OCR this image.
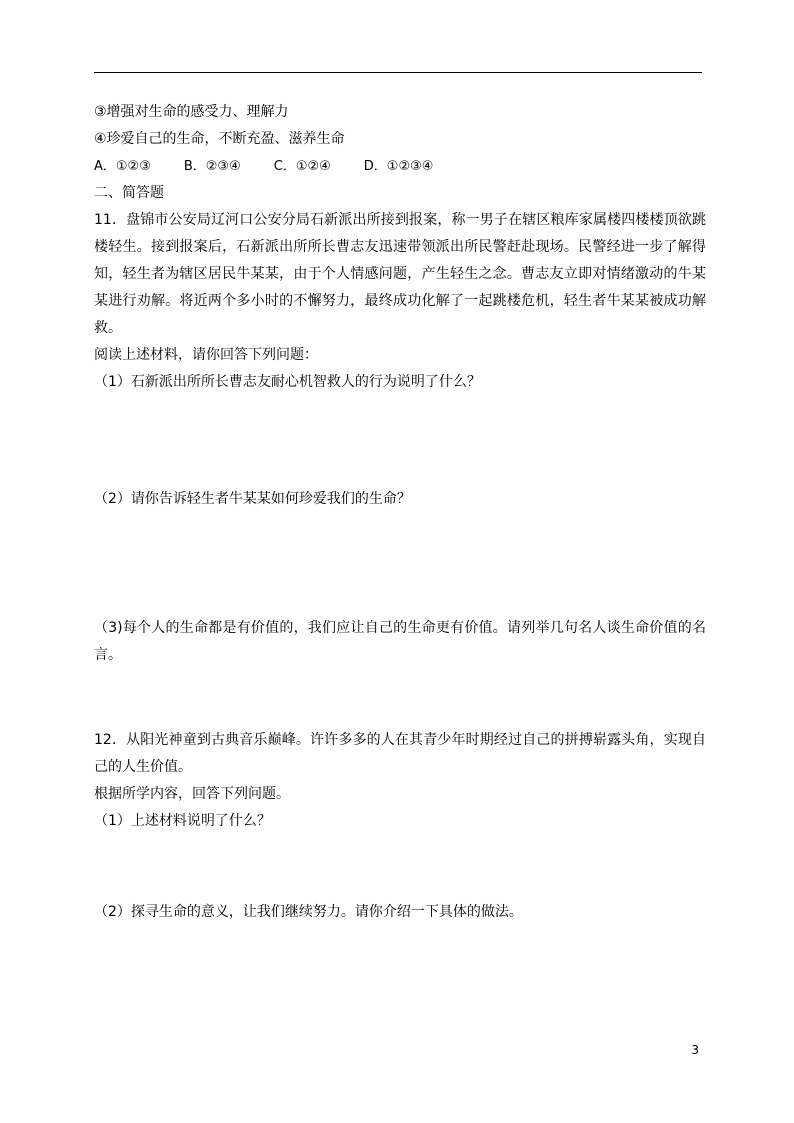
③增强对生命的感受力、理解力

④珍爱自己的生命，不断充盈、滋养生命

A．①②③	B．②③④	C．①②④	D．①②③④

二、简答题

11．盘锦市公安局辽河口公安分局石新派出所接到报案，称一男子在辖区粮库家属楼四楼楼顶欲跳楼轻生。接到报案后，石新派出所所长曹志友迅速带领派出所民警赶赴现场。民警经进一步了解得知，轻生者为辖区居民牛某某，由于个人情感问题，产生轻生之念。曹志友立即对情绪激动的牛某某进行劝解。将近两个多小时的不懈努力，最终成功化解了一起跳楼危机，轻生者牛某某被成功解救。

阅读上述材料，请你回答下列问题：

（1）石新派出所所长曹志友耐心机智救人的行为说明了什么？

（2）请你告诉轻生者牛某某如何珍爱我们的生命？

（3)每个人的生命都是有价值的，我们应让自己的生命更有价值。请列举几句名人谈生命价值的名言。

12．从阳光神童到古典音乐巅峰。许许多多的人在其青少年时期经过自己的拼搏崭露头角，实现自己的人生价值。

根据所学内容，回答下列问题。

（1）上述材料说明了什么？

（2）探寻生命的意义，让我们继续努力。请你介绍一下具体的做法。

3
